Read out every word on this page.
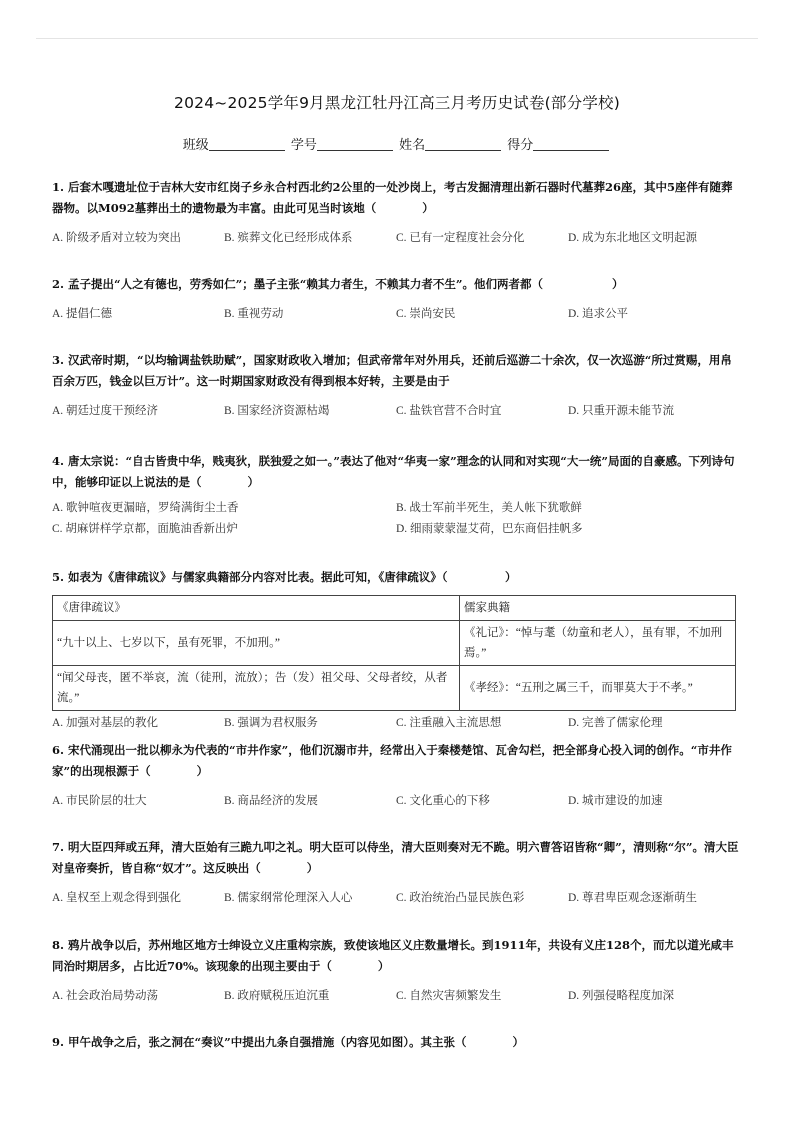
2024~2025学年9月黑龙江牡丹江高三月考历史试卷(部分学校)
班级	学号	姓名	得分
1. 后套木嘎遗址位于吉林大安市红岗子乡永合村西北约2公里的一处沙岗上，考古发掘清理出新石器时代墓葬26座，其中5座伴有随葬器物。以M092墓葬出土的遗物最为丰富。由此可见当时该地（　　　　）
A. 阶级矛盾对立较为突出	B. 殡葬文化已经形成体系	C. 已有一定程度社会分化	D. 成为东北地区文明起源
2. 孟子提出“人之有德也，劳秀如仁”；墨子主张“赖其力者生，不赖其力者不生”。他们两者都（　　　　　　）
A. 提倡仁德	B. 重视劳动	C. 崇尚安民	D. 追求公平
3. 汉武帝时期，“以均输调盐铁助赋”，国家财政收入增加；但武帝常年对外用兵，还前后巡游二十余次，仅一次巡游“所过赏赐，用帛百余万匹，钱金以巨万计”。这一时期国家财政没有得到根本好转，主要是由于
A. 朝廷过度干预经济	B. 国家经济资源枯竭	C. 盐铁官营不合时宜	D. 只重开源未能节流
4. 唐太宗说：“自古皆贵中华，贱夷狄，朕独爱之如一。”表达了他对“华夷一家”理念的认同和对实现“大一统”局面的自豪感。下列诗句中，能够印证以上说法的是（　　　　）
A. 歌钟喧夜更漏暗，罗绮满街尘土香	B. 战士军前半死生，美人帐下犹歌鲜
C. 胡麻饼样学京都，面脆油香新出炉	D. 细雨蒙蒙湿艾荷，巴东商侣挂帆多
5. 如表为《唐律疏议》与儒家典籍部分内容对比表。据此可知，《唐律疏议》（　　　　　）
《唐律疏议》	儒家典籍
“九十以上、七岁以下，虽有死罪，不加刑。”	《礼记》：“悼与耄（幼童和老人），虽有罪，不加刑焉。”
“闻父母丧，匿不举哀，流（徒刑，流放）；告（发）祖父母、父母者绞，从者流。”	《孝经》：“五刑之属三千，而罪莫大于不孝。”
A. 加强对基层的教化	B. 强调为君权服务	C. 注重融入主流思想	D. 完善了儒家伦理
6. 宋代涌现出一批以柳永为代表的“市井作家”，他们沉溺市井，经常出入于秦楼楚馆、瓦舍勾栏，把全部身心投入词的创作。“市井作家”的出现根源于（　　　　）
A. 市民阶层的壮大	B. 商品经济的发展	C. 文化重心的下移	D. 城市建设的加速
7. 明大臣四拜或五拜，清大臣始有三跪九叩之礼。明大臣可以侍坐，清大臣则奏对无不跪。明六曹答诏皆称“卿”，清则称“尔”。清大臣对皇帝奏折，皆自称“奴才”。这反映出（　　　　）
A. 皇权至上观念得到强化	B. 儒家纲常伦理深入人心	C. 政治统治凸显民族色彩	D. 尊君卑臣观念逐渐萌生
8. 鸦片战争以后，苏州地区地方士绅设立义庄重构宗族，致使该地区义庄数量增长。到1911年，共设有义庄128个，而尤以道光咸丰同治时期居多，占比近70%。该现象的出现主要由于（　　　　）
A. 社会政治局势动荡	B. 政府赋税压迫沉重	C. 自然灾害频繁发生	D. 列强侵略程度加深
9. 甲午战争之后，张之洞在“奏议”中提出九条自强措施（内容见如图）。其主张（　　　　）
